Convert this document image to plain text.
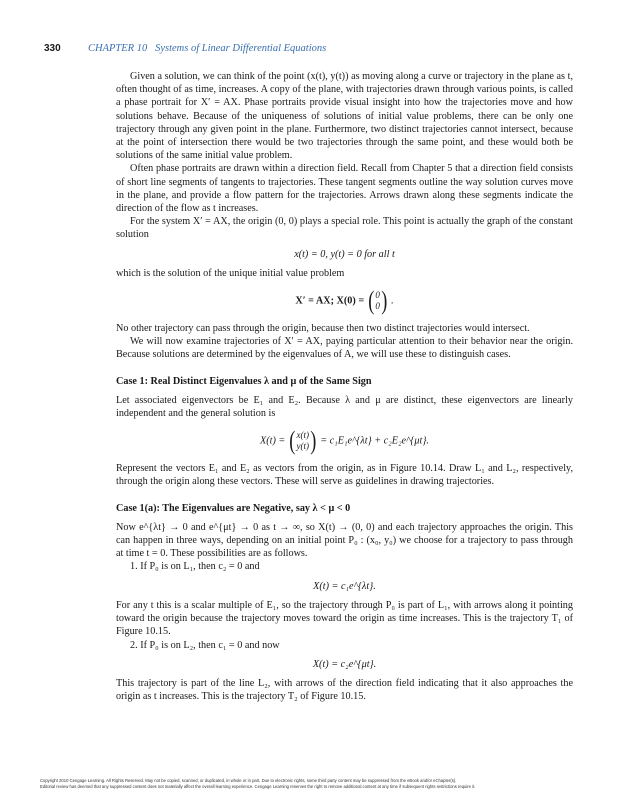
330	CHAPTER 10 Systems of Linear Differential Equations

Given a solution, we can think of the point (x(t), y(t)) as moving along a curve or trajectory in the plane as t, often thought of as time, increases. A copy of the plane, with trajectories drawn through various points, is called a phase portrait for X′ = AX. Phase portraits provide visual insight into how the trajectories move and how solutions behave. Because of the uniqueness of solutions of initial value problems, there can be only one trajectory through any given point in the plane. Furthermore, two distinct trajectories cannot intersect, because at the point of intersection there would be two trajectories through the same point, and these would both be solutions of the same initial value problem.

Often phase portraits are drawn within a direction field. Recall from Chapter 5 that a direction field consists of short line segments of tangents to trajectories. These tangent segments outline the way solution curves move in the plane, and provide a flow pattern for the trajectories. Arrows drawn along these segments indicate the direction of the flow as t increases.

For the system X′ = AX, the origin (0, 0) plays a special role. This point is actually the graph of the constant solution

x(t) = 0, y(t) = 0 for all t

which is the solution of the unique initial value problem

X′ = AX; X(0) = ( 0
0 ) .

No other trajectory can pass through the origin, because then two distinct trajectories would intersect.

We will now examine trajectories of X′ = AX, paying particular attention to their behavior near the origin. Because solutions are determined by the eigenvalues of A, we will use these to distinguish cases.

Case 1: Real Distinct Eigenvalues λ and μ of the Same Sign

Let associated eigenvectors be E₁ and E₂. Because λ and μ are distinct, these eigenvectors are linearly independent and the general solution is

X(t) = ( x(t)
y(t) ) = c₁E₁e^{λt} + c₂E₂e^{μt}.

Represent the vectors E₁ and E₂ as vectors from the origin, as in Figure 10.14. Draw L₁ and L₂, respectively, through the origin along these vectors. These will serve as guidelines in drawing trajectories.

Case 1(a): The Eigenvalues are Negative, say λ < μ < 0

Now e^{λt} → 0 and e^{μt} → 0 as t → ∞, so X(t) → (0, 0) and each trajectory approaches the origin. This can happen in three ways, depending on an initial point P₀ : (x₀, y₀) we choose for a trajectory to pass through at time t = 0. These possibilities are as follows.

1. If P₀ is on L₁, then c₂ = 0 and

X(t) = c₁e^{λt}.

For any t this is a scalar multiple of E₁, so the trajectory through P₀ is part of L₁, with arrows along it pointing toward the origin because the trajectory moves toward the origin as time increases. This is the trajectory T₁ of Figure 10.15.

2. If P₀ is on L₂, then c₁ = 0 and now

X(t) = c₂e^{μt}.

This trajectory is part of the line L₂, with arrows of the direction field indicating that it also approaches the origin as t increases. This is the trajectory T₂ of Figure 10.15.

Copyright 2010 Cengage Learning. All Rights Reserved. May not be copied, scanned, or duplicated, in whole or in part. Due to electronic rights, some third party content may be suppressed from the eBook and/or eChapter(s).
Editorial review has deemed that any suppressed content does not materially affect the overall learning experience. Cengage Learning reserves the right to remove additional content at any time if subsequent rights restrictions require it.
